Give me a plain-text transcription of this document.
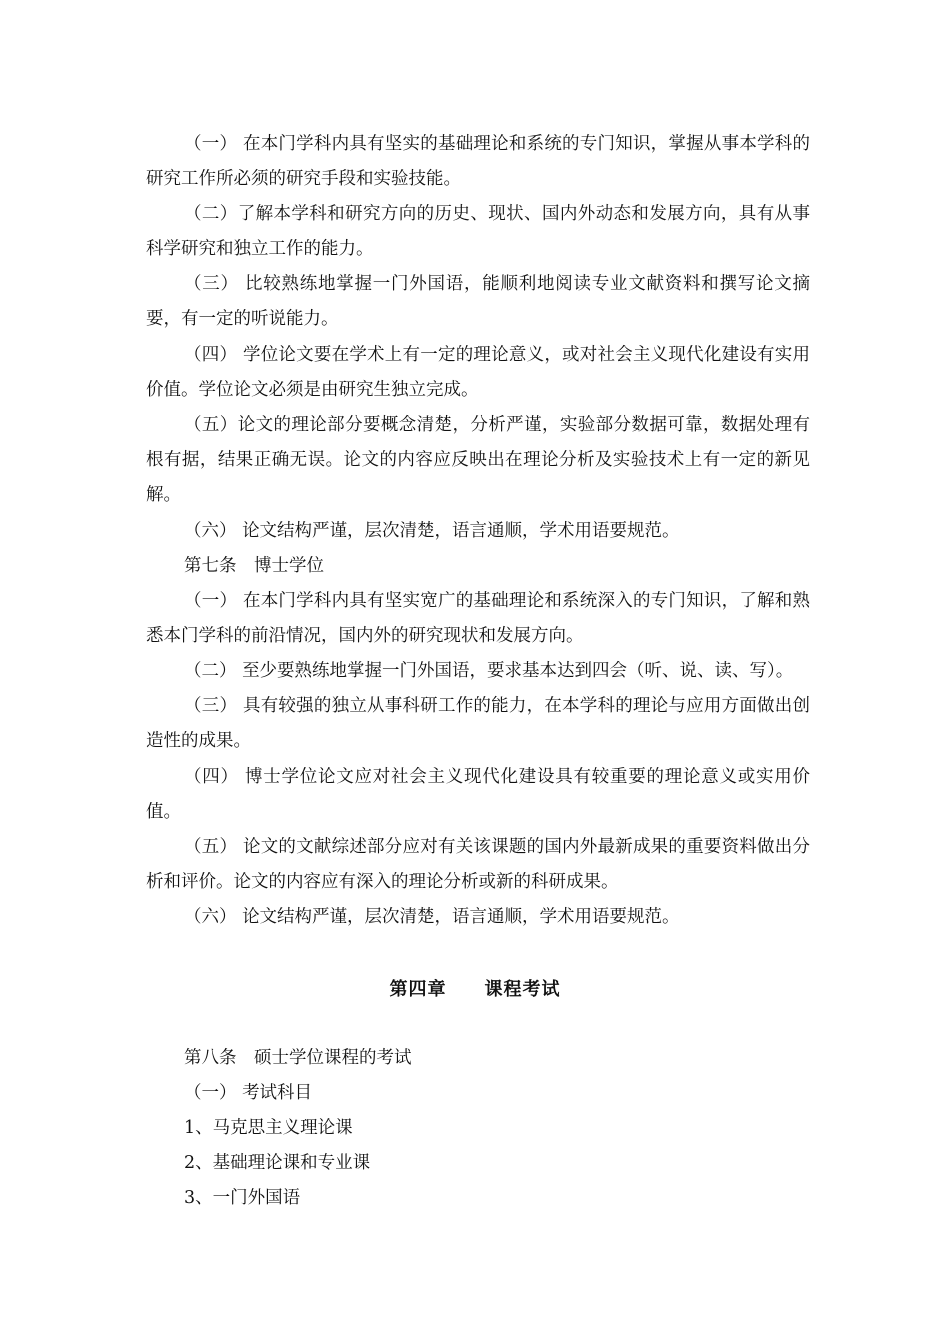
（一） 在本门学科内具有坚实的基础理论和系统的专门知识，掌握从事本学科的研究工作所必须的研究手段和实验技能。

（二）了解本学科和研究方向的历史、现状、国内外动态和发展方向，具有从事科学研究和独立工作的能力。

（三） 比较熟练地掌握一门外国语，能顺利地阅读专业文献资料和撰写论文摘要，有一定的听说能力。

（四） 学位论文要在学术上有一定的理论意义，或对社会主义现代化建设有实用价值。学位论文必须是由研究生独立完成。

（五）论文的理论部分要概念清楚，分析严谨，实验部分数据可靠，数据处理有根有据，结果正确无误。论文的内容应反映出在理论分析及实验技术上有一定的新见解。

（六） 论文结构严谨，层次清楚，语言通顺，学术用语要规范。

第七条　博士学位

（一） 在本门学科内具有坚实宽广的基础理论和系统深入的专门知识，了解和熟悉本门学科的前沿情况，国内外的研究现状和发展方向。

（二） 至少要熟练地掌握一门外国语，要求基本达到四会（听、说、读、写）。

（三） 具有较强的独立从事科研工作的能力，在本学科的理论与应用方面做出创造性的成果。

（四） 博士学位论文应对社会主义现代化建设具有较重要的理论意义或实用价值。

（五） 论文的文献综述部分应对有关该课题的国内外最新成果的重要资料做出分析和评价。论文的内容应有深入的理论分析或新的科研成果。

（六） 论文结构严谨，层次清楚，语言通顺，学术用语要规范。

第四章 课程考试

第八条　硕士学位课程的考试

（一） 考试科目

1、马克思主义理论课

2、基础理论课和专业课

3、一门外国语
